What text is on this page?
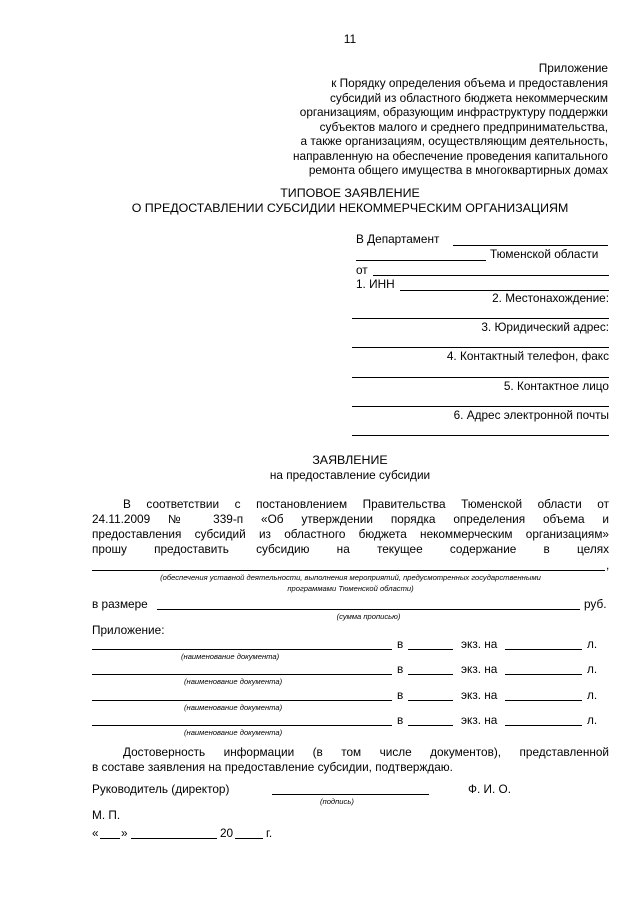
11
Приложение
к Порядку определения объема и предоставления
субсидий из областного бюджета некоммерческим
организациям, образующим инфраструктуру поддержки
субъектов малого и среднего предпринимательства,
а также организациям, осуществляющим деятельность,
направленную на обеспечение проведения капитального
ремонта общего имущества в многоквартирных домах
ТИПОВОЕ ЗАЯВЛЕНИЕ
О ПРЕДОСТАВЛЕНИИ СУБСИДИИ НЕКОММЕРЧЕСКИМ ОРГАНИЗАЦИЯМ
В Департамент
Тюменской области
от
1. ИНН
2. Местонахождение:
3. Юридический адрес:
4. Контактный телефон, факс
5. Контактное лицо
6. Адрес электронной почты
ЗАЯВЛЕНИЕ
на предоставление субсидии
В соответствии с постановлением Правительства Тюменской области от
24.11.2009 № 339-п «Об утверждении порядка определения объема и
предоставления субсидий из областного бюджета некоммерческим организациям»
прошу предоставить субсидию на текущее содержание в целях
,
(обеспечения уставной деятельности, выполнения мероприятий, предусмотренных государственными
программами Тюменской области)
в размере	руб.
(сумма прописью)
Приложение:
в	экз. на	л.
(наименование документа)
в	экз. на	л.
(наименование документа)
в	экз. на	л.
(наименование документа)
в	экз. на	л.
(наименование документа)
Достоверность информации (в том числе документов), представленной
в составе заявления на предоставление субсидии, подтверждаю.
Руководитель (директор)	Ф. И. О.
(подпись)
М. П.
« »	20	г.
